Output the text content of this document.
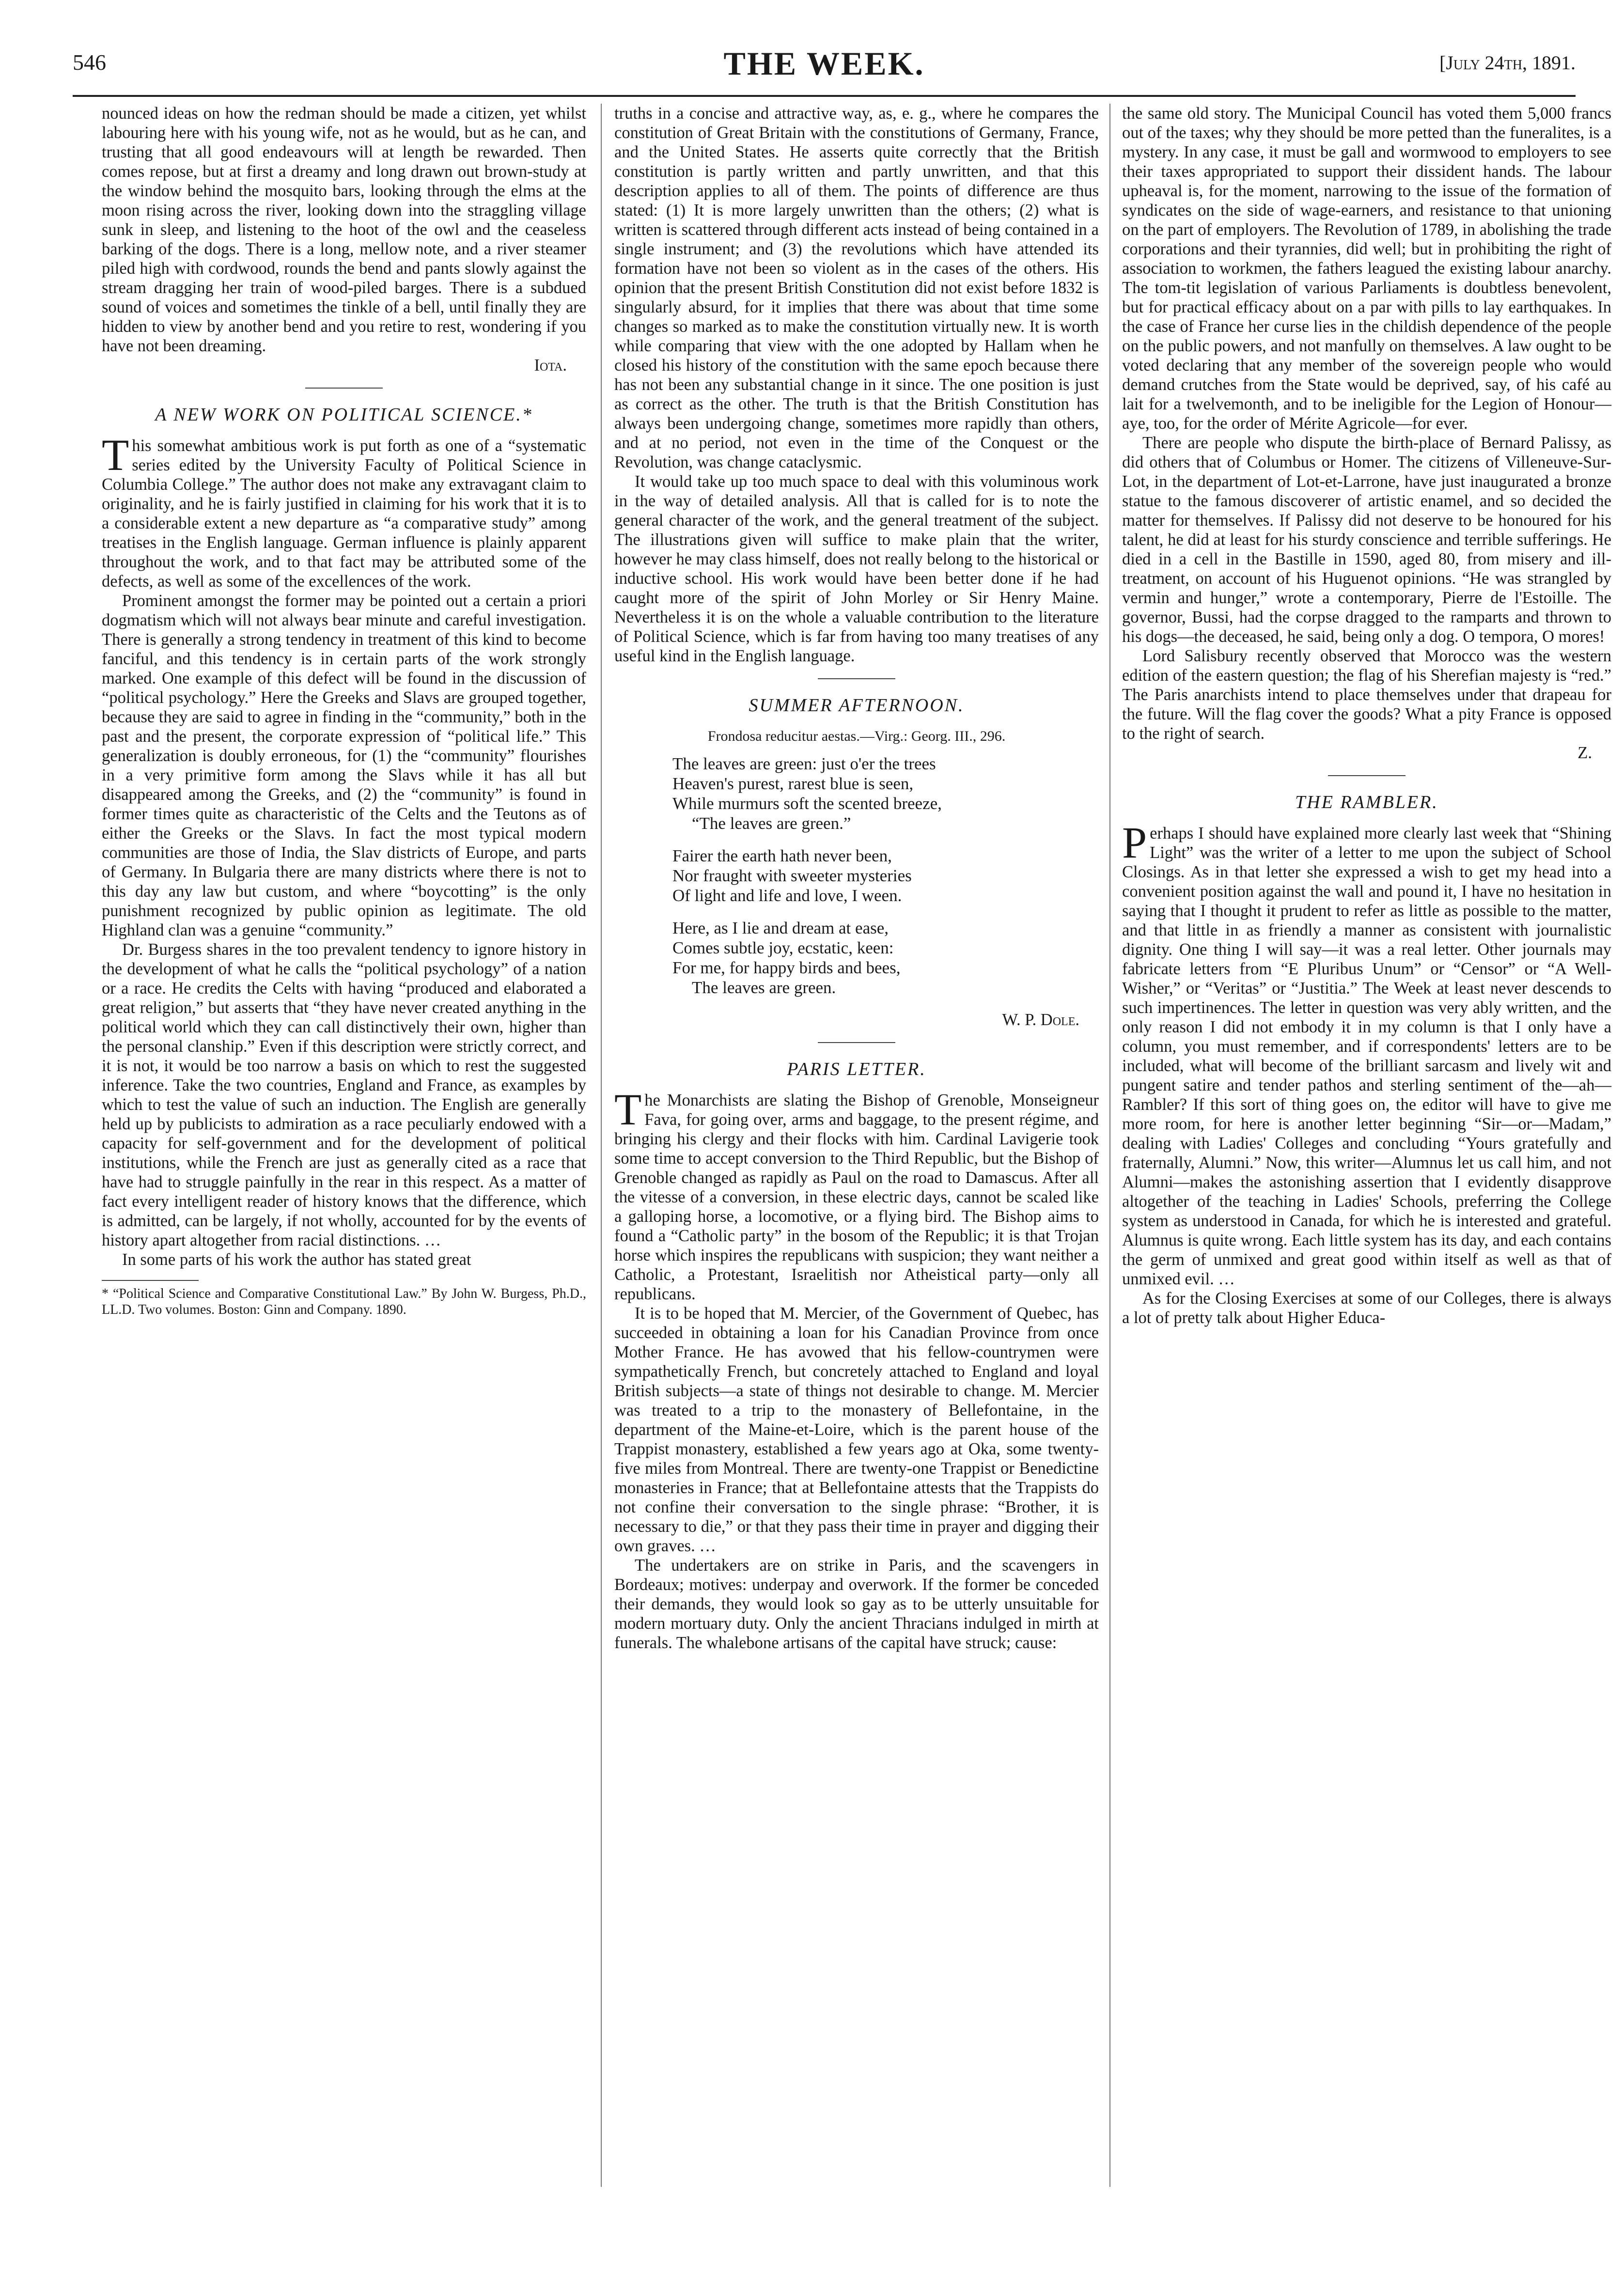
546	THE WEEK.	[July 24th, 1891.

nounced ideas on how the redman should be made a citizen, yet whilst labouring here with his young wife, not as he would, but as he can, and trusting that all good endeavours will at length be rewarded. Then comes repose, but at first a dreamy and long drawn out brown-study at the window behind the mosquito bars, looking through the elms at the moon rising across the river, looking down into the straggling village sunk in sleep, and listening to the hoot of the owl and the ceaseless barking of the dogs. There is a long, mellow note, and a river steamer piled high with cordwood, rounds the bend and pants slowly against the stream dragging her train of wood-piled barges. There is a subdued sound of voices and sometimes the tinkle of a bell, until finally they are hidden to view by another bend and you retire to rest, wondering if you have not been dreaming.

Iota.

A NEW WORK ON POLITICAL SCIENCE.*

This somewhat ambitious work is put forth as one of a “systematic series edited by the University Faculty of Political Science in Columbia College.” The author does not make any extravagant claim to originality, and he is fairly justified in claiming for his work that it is to a considerable extent a new departure as “a comparative study” among treatises in the English language. German influence is plainly apparent throughout the work, and to that fact may be attributed some of the defects, as well as some of the excellences of the work.

Prominent amongst the former may be pointed out a certain a priori dogmatism which will not always bear minute and careful investigation. There is generally a strong tendency in treatment of this kind to become fanciful, and this tendency is in certain parts of the work strongly marked. One example of this defect will be found in the discussion of “political psychology.” Here the Greeks and Slavs are grouped together, because they are said to agree in finding in the “community,” both in the past and the present, the corporate expression of “political life.” This generalization is doubly erroneous, for (1) the “community” flourishes in a very primitive form among the Slavs while it has all but disappeared among the Greeks, and (2) the “community” is found in former times quite as characteristic of the Celts and the Teutons as of either the Greeks or the Slavs. In fact the most typical modern communities are those of India, the Slav districts of Europe, and parts of Germany. In Bulgaria there are many districts where there is not to this day any law but custom, and where “boycotting” is the only punishment recognized by public opinion as legitimate. The old Highland clan was a genuine “community.”

Dr. Burgess shares in the too prevalent tendency to ignore history in the development of what he calls the “political psychology” of a nation or a race. He credits the Celts with having “produced and elaborated a great religion,” but asserts that “they have never created anything in the political world which they can call distinctively their own, higher than the personal clanship.” Even if this description were strictly correct, and it is not, it would be too narrow a basis on which to rest the suggested inference. Take the two countries, England and France, as examples by which to test the value of such an induction. The English are generally held up by publicists to admiration as a race peculiarly endowed with a capacity for self-government and for the development of political institutions, while the French are just as generally cited as a race that have had to struggle painfully in the rear in this respect. As a matter of fact every intelligent reader of history knows that the difference, which is admitted, can be largely, if not wholly, accounted for by the events of history apart altogether from racial distinctions. …

In some parts of his work the author has stated great

* “Political Science and Comparative Constitutional Law.” By John W. Burgess, Ph.D., LL.D. Two volumes. Boston: Ginn and Company. 1890.

truths in a concise and attractive way, as, e. g., where he compares the constitution of Great Britain with the constitutions of Germany, France, and the United States. He asserts quite correctly that the British constitution is partly written and partly unwritten, and that this description applies to all of them. The points of difference are thus stated: (1) It is more largely unwritten than the others; (2) what is written is scattered through different acts instead of being contained in a single instrument; and (3) the revolutions which have attended its formation have not been so violent as in the cases of the others. His opinion that the present British Constitution did not exist before 1832 is singularly absurd, for it implies that there was about that time some changes so marked as to make the constitution virtually new. It is worth while comparing that view with the one adopted by Hallam when he closed his history of the constitution with the same epoch because there has not been any substantial change in it since. The one position is just as correct as the other. The truth is that the British Constitution has always been undergoing change, sometimes more rapidly than others, and at no period, not even in the time of the Conquest or the Revolution, was change cataclysmic.

It would take up too much space to deal with this voluminous work in the way of detailed analysis. All that is called for is to note the general character of the work, and the general treatment of the subject. The illustrations given will suffice to make plain that the writer, however he may class himself, does not really belong to the historical or inductive school. His work would have been better done if he had caught more of the spirit of John Morley or Sir Henry Maine. Nevertheless it is on the whole a valuable contribution to the literature of Political Science, which is far from having too many treatises of any useful kind in the English language.

SUMMER AFTERNOON.

Frondosa reducitur aestas.—Virg.: Georg. III., 296.

The leaves are green: just o'er the trees
Heaven's purest, rarest blue is seen,
While murmurs soft the scented breeze,
“The leaves are green.”
Fairer the earth hath never been,
Nor fraught with sweeter mysteries
Of light and life and love, I ween.
Here, as I lie and dream at ease,
Comes subtle joy, ecstatic, keen:
For me, for happy birds and bees,
The leaves are green.

W. P. Dole.

PARIS LETTER.

The Monarchists are slating the Bishop of Grenoble, Monseigneur Fava, for going over, arms and baggage, to the present régime, and bringing his clergy and their flocks with him. Cardinal Lavigerie took some time to accept conversion to the Third Republic, but the Bishop of Grenoble changed as rapidly as Paul on the road to Damascus. After all the vitesse of a conversion, in these electric days, cannot be scaled like a galloping horse, a locomotive, or a flying bird. The Bishop aims to found a “Catholic party” in the bosom of the Republic; it is that Trojan horse which inspires the republicans with suspicion; they want neither a Catholic, a Protestant, Israelitish nor Atheistical party—only all republicans.

It is to be hoped that M. Mercier, of the Government of Quebec, has succeeded in obtaining a loan for his Canadian Province from once Mother France. He has avowed that his fellow-countrymen were sympathetically French, but concretely attached to England and loyal British subjects—a state of things not desirable to change. M. Mercier was treated to a trip to the monastery of Bellefontaine, in the department of the Maine-et-Loire, which is the parent house of the Trappist monastery, established a few years ago at Oka, some twenty-five miles from Montreal. There are twenty-one Trappist or Benedictine monasteries in France; that at Bellefontaine attests that the Trappists do not confine their conversation to the single phrase: “Brother, it is necessary to die,” or that they pass their time in prayer and digging their own graves. …

The undertakers are on strike in Paris, and the scavengers in Bordeaux; motives: underpay and overwork. If the former be conceded their demands, they would look so gay as to be utterly unsuitable for modern mortuary duty. Only the ancient Thracians indulged in mirth at funerals. The whalebone artisans of the capital have struck; cause:

the same old story. The Municipal Council has voted them 5,000 francs out of the taxes; why they should be more petted than the funeralites, is a mystery. In any case, it must be gall and wormwood to employers to see their taxes appropriated to support their dissident hands. The labour upheaval is, for the moment, narrowing to the issue of the formation of syndicates on the side of wage-earners, and resistance to that unioning on the part of employers. The Revolution of 1789, in abolishing the trade corporations and their tyrannies, did well; but in prohibiting the right of association to workmen, the fathers leagued the existing labour anarchy. The tom-tit legislation of various Parliaments is doubtless benevolent, but for practical efficacy about on a par with pills to lay earthquakes. In the case of France her curse lies in the childish dependence of the people on the public powers, and not manfully on themselves. A law ought to be voted declaring that any member of the sovereign people who would demand crutches from the State would be deprived, say, of his café au lait for a twelvemonth, and to be ineligible for the Legion of Honour—aye, too, for the order of Mérite Agricole—for ever.

There are people who dispute the birth-place of Bernard Palissy, as did others that of Columbus or Homer. The citizens of Villeneuve-Sur-Lot, in the department of Lot-et-Larrone, have just inaugurated a bronze statue to the famous discoverer of artistic enamel, and so decided the matter for themselves. If Palissy did not deserve to be honoured for his talent, he did at least for his sturdy conscience and terrible sufferings. He died in a cell in the Bastille in 1590, aged 80, from misery and ill-treatment, on account of his Huguenot opinions. “He was strangled by vermin and hunger,” wrote a contemporary, Pierre de l'Estoille. The governor, Bussi, had the corpse dragged to the ramparts and thrown to his dogs—the deceased, he said, being only a dog. O tempora, O mores!

Lord Salisbury recently observed that Morocco was the western edition of the eastern question; the flag of his Sherefian majesty is “red.” The Paris anarchists intend to place themselves under that drapeau for the future. Will the flag cover the goods? What a pity France is opposed to the right of search.

Z.

THE RAMBLER.

Perhaps I should have explained more clearly last week that “Shining Light” was the writer of a letter to me upon the subject of School Closings. As in that letter she expressed a wish to get my head into a convenient position against the wall and pound it, I have no hesitation in saying that I thought it prudent to refer as little as possible to the matter, and that little in as friendly a manner as consistent with journalistic dignity. One thing I will say—it was a real letter. Other journals may fabricate letters from “E Pluribus Unum” or “Censor” or “A Well-Wisher,” or “Veritas” or “Justitia.” The Week at least never descends to such impertinences. The letter in question was very ably written, and the only reason I did not embody it in my column is that I only have a column, you must remember, and if correspondents' letters are to be included, what will become of the brilliant sarcasm and lively wit and pungent satire and tender pathos and sterling sentiment of the—ah—Rambler? If this sort of thing goes on, the editor will have to give me more room, for here is another letter beginning “Sir—or—Madam,” dealing with Ladies' Colleges and concluding “Yours gratefully and fraternally, Alumni.” Now, this writer—Alumnus let us call him, and not Alumni—makes the astonishing assertion that I evidently disapprove altogether of the teaching in Ladies' Schools, preferring the College system as understood in Canada, for which he is interested and grateful. Alumnus is quite wrong. Each little system has its day, and each contains the germ of unmixed and great good within itself as well as that of unmixed evil. …

As for the Closing Exercises at some of our Colleges, there is always a lot of pretty talk about Higher Educa-
